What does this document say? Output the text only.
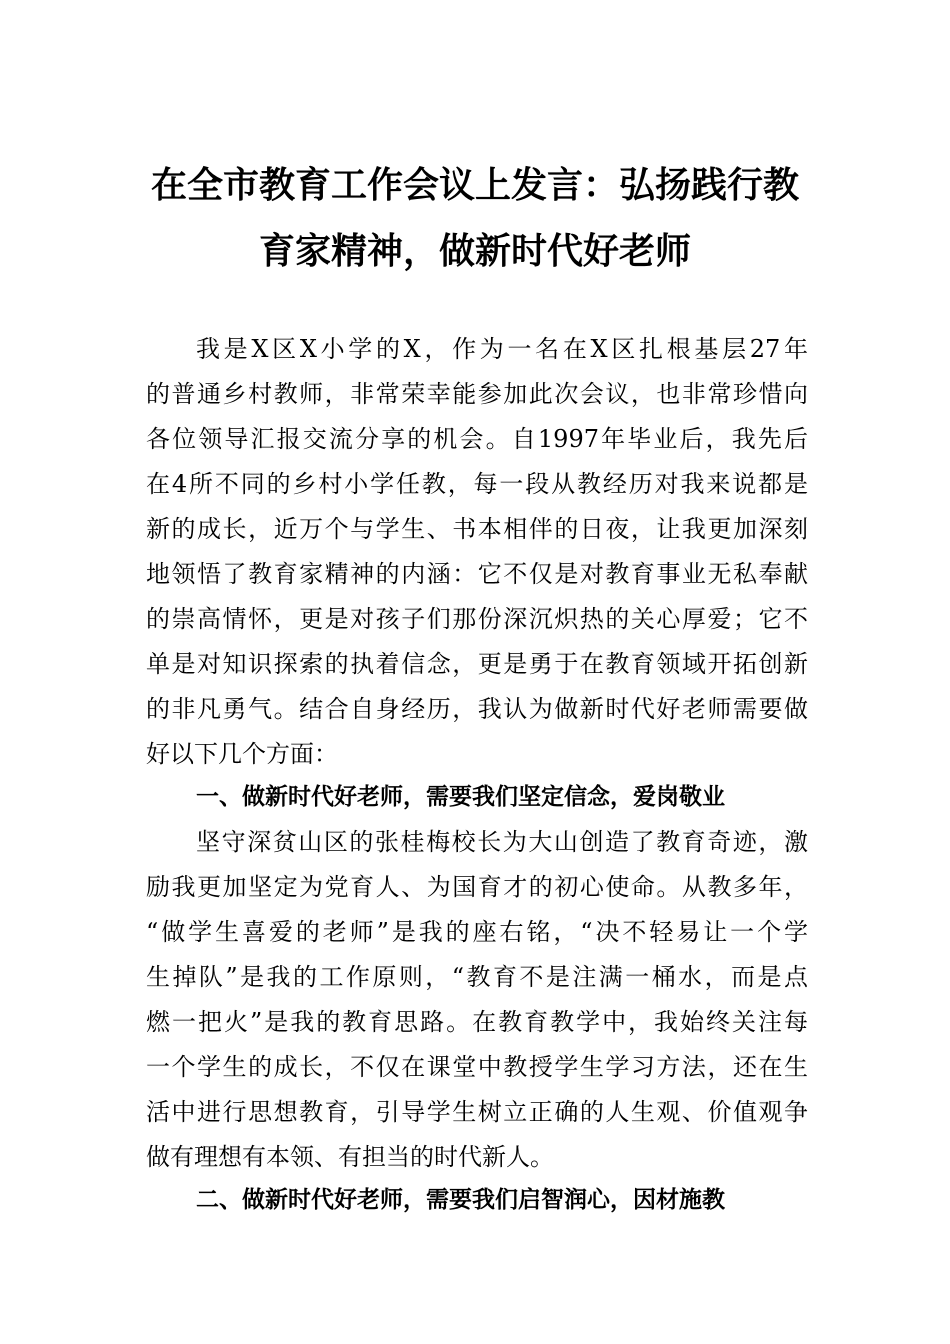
在全市教育工作会议上发言：弘扬践行教
育家精神，做新时代好老师

我是X区X小学的X，作为一名在X区扎根基层27年

的普通乡村教师，非常荣幸能参加此次会议，也非常珍惜向

各位领导汇报交流分享的机会。自1997年毕业后，我先后

在4所不同的乡村小学任教，每一段从教经历对我来说都是

新的成长，近万个与学生、书本相伴的日夜，让我更加深刻

地领悟了教育家精神的内涵：它不仅是对教育事业无私奉献

的崇高情怀，更是对孩子们那份深沉炽热的关心厚爱；它不

单是对知识探索的执着信念，更是勇于在教育领域开拓创新

的非凡勇气。结合自身经历，我认为做新时代好老师需要做

好以下几个方面：

一、做新时代好老师，需要我们坚定信念，爱岗敬业

坚守深贫山区的张桂梅校长为大山创造了教育奇迹，激

励我更加坚定为党育人、为国育才的初心使命。从教多年，

“做学生喜爱的老师”是我的座右铭，“决不轻易让一个学

生掉队”是我的工作原则，“教育不是注满一桶水，而是点

燃一把火”是我的教育思路。在教育教学中，我始终关注每

一个学生的成长，不仅在课堂中教授学生学习方法，还在生

活中进行思想教育，引导学生树立正确的人生观、价值观争

做有理想有本领、有担当的时代新人。

二、做新时代好老师，需要我们启智润心，因材施教
